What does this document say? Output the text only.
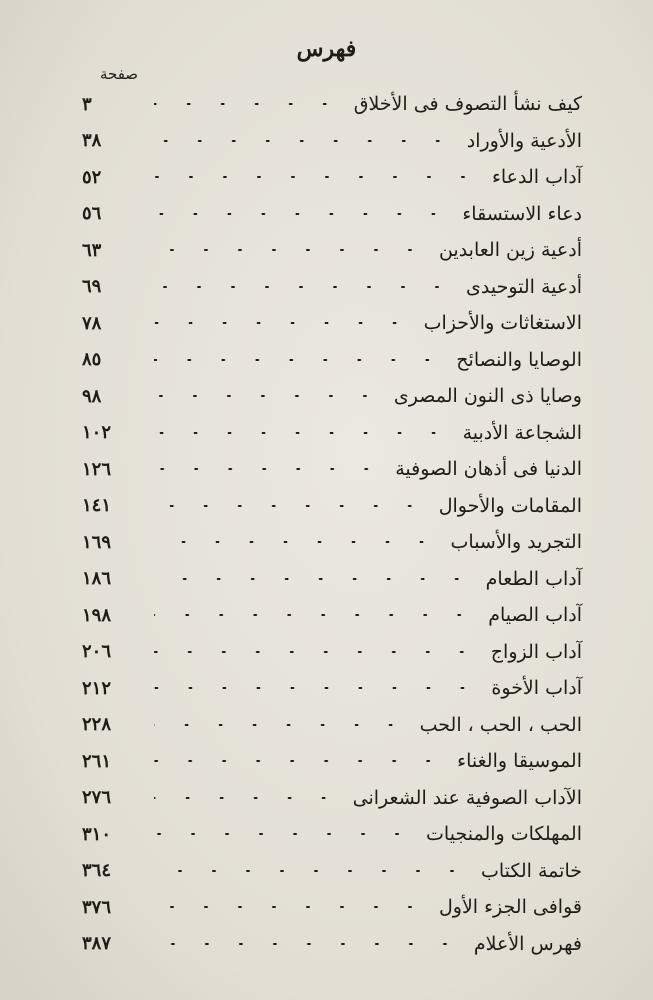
فهرس
صفحة
كيف نشأ التصوف فى الأخلاق
٣
الأدعية والأوراد
٣٨
آداب الدعاء
٥٢
دعاء الاستسقاء
٥٦
أدعية زين العابدين
٦٣
أدعية التوحيدى
٦٩
الاستغاثات والأحزاب
٧٨
الوصايا والنصائح
٨٥
وصايا ذى النون المصرى
٩٨
الشجاعة الأدبية
١٠٢
الدنيا فى أذهان الصوفية
١٢٦
المقامات والأحوال
١٤١
التجريد والأسباب
١٦٩
آداب الطعام
١٨٦
آداب الصيام
١٩٨
آداب الزواج
٢٠٦
آداب الأخوة
٢١٢
الحب ، الحب ، الحب
٢٢٨
الموسيقا والغناء
٢٦١
الآداب الصوفية عند الشعرانى
٢٧٦
المهلكات والمنجيات
٣١٠
خاتمة الكتاب
٣٦٤
قوافى الجزء الأول
٣٧٦
فهرس الأعلام
٣٨٧
